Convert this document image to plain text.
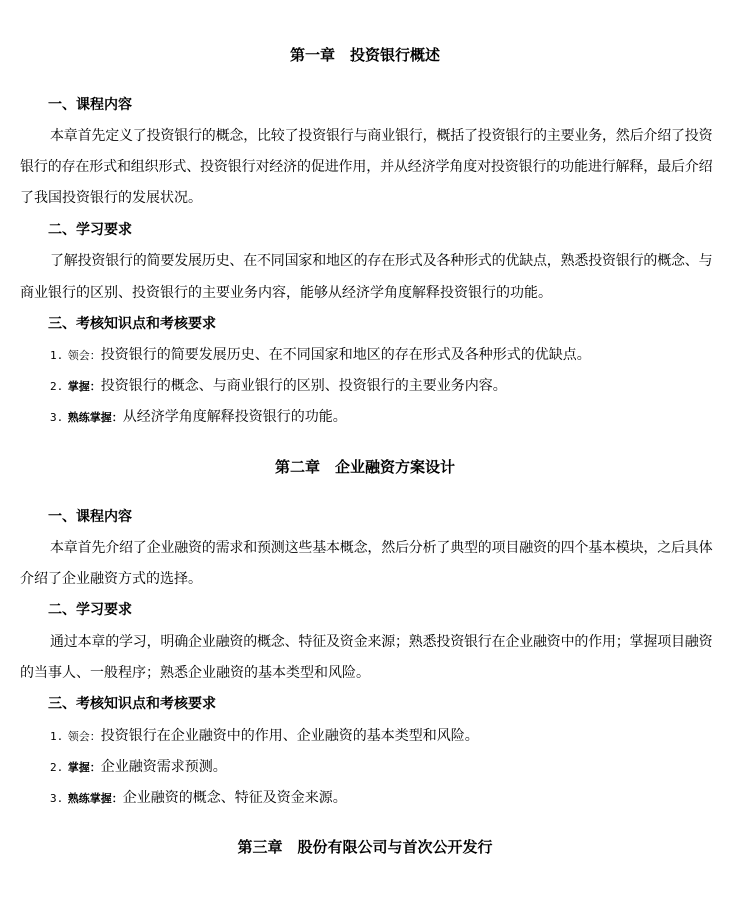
第一章　投资银行概述
一、课程内容
本章首先定义了投资银行的概念，比较了投资银行与商业银行，概括了投资银行的主要业务，然后介绍了投资
银行的存在形式和组织形式、投资银行对经济的促进作用，并从经济学角度对投资银行的功能进行解释，最后介绍
了我国投资银行的发展状况。
二、学习要求
了解投资银行的简要发展历史、在不同国家和地区的存在形式及各种形式的优缺点，熟悉投资银行的概念、与
商业银行的区别、投资银行的主要业务内容，能够从经济学角度解释投资银行的功能。
三、考核知识点和考核要求
1. 领会：投资银行的简要发展历史、在不同国家和地区的存在形式及各种形式的优缺点。
2. 掌握：投资银行的概念、与商业银行的区别、投资银行的主要业务内容。
3. 熟练掌握：从经济学角度解释投资银行的功能。
第二章　企业融资方案设计
一、课程内容
本章首先介绍了企业融资的需求和预测这些基本概念，然后分析了典型的项目融资的四个基本模块，之后具体
介绍了企业融资方式的选择。
二、学习要求
通过本章的学习，明确企业融资的概念、特征及资金来源；熟悉投资银行在企业融资中的作用；掌握项目融资
的当事人、一般程序；熟悉企业融资的基本类型和风险。
三、考核知识点和考核要求
1. 领会：投资银行在企业融资中的作用、企业融资的基本类型和风险。
2. 掌握：企业融资需求预测。
3. 熟练掌握：企业融资的概念、特征及资金来源。
第三章　股份有限公司与首次公开发行
